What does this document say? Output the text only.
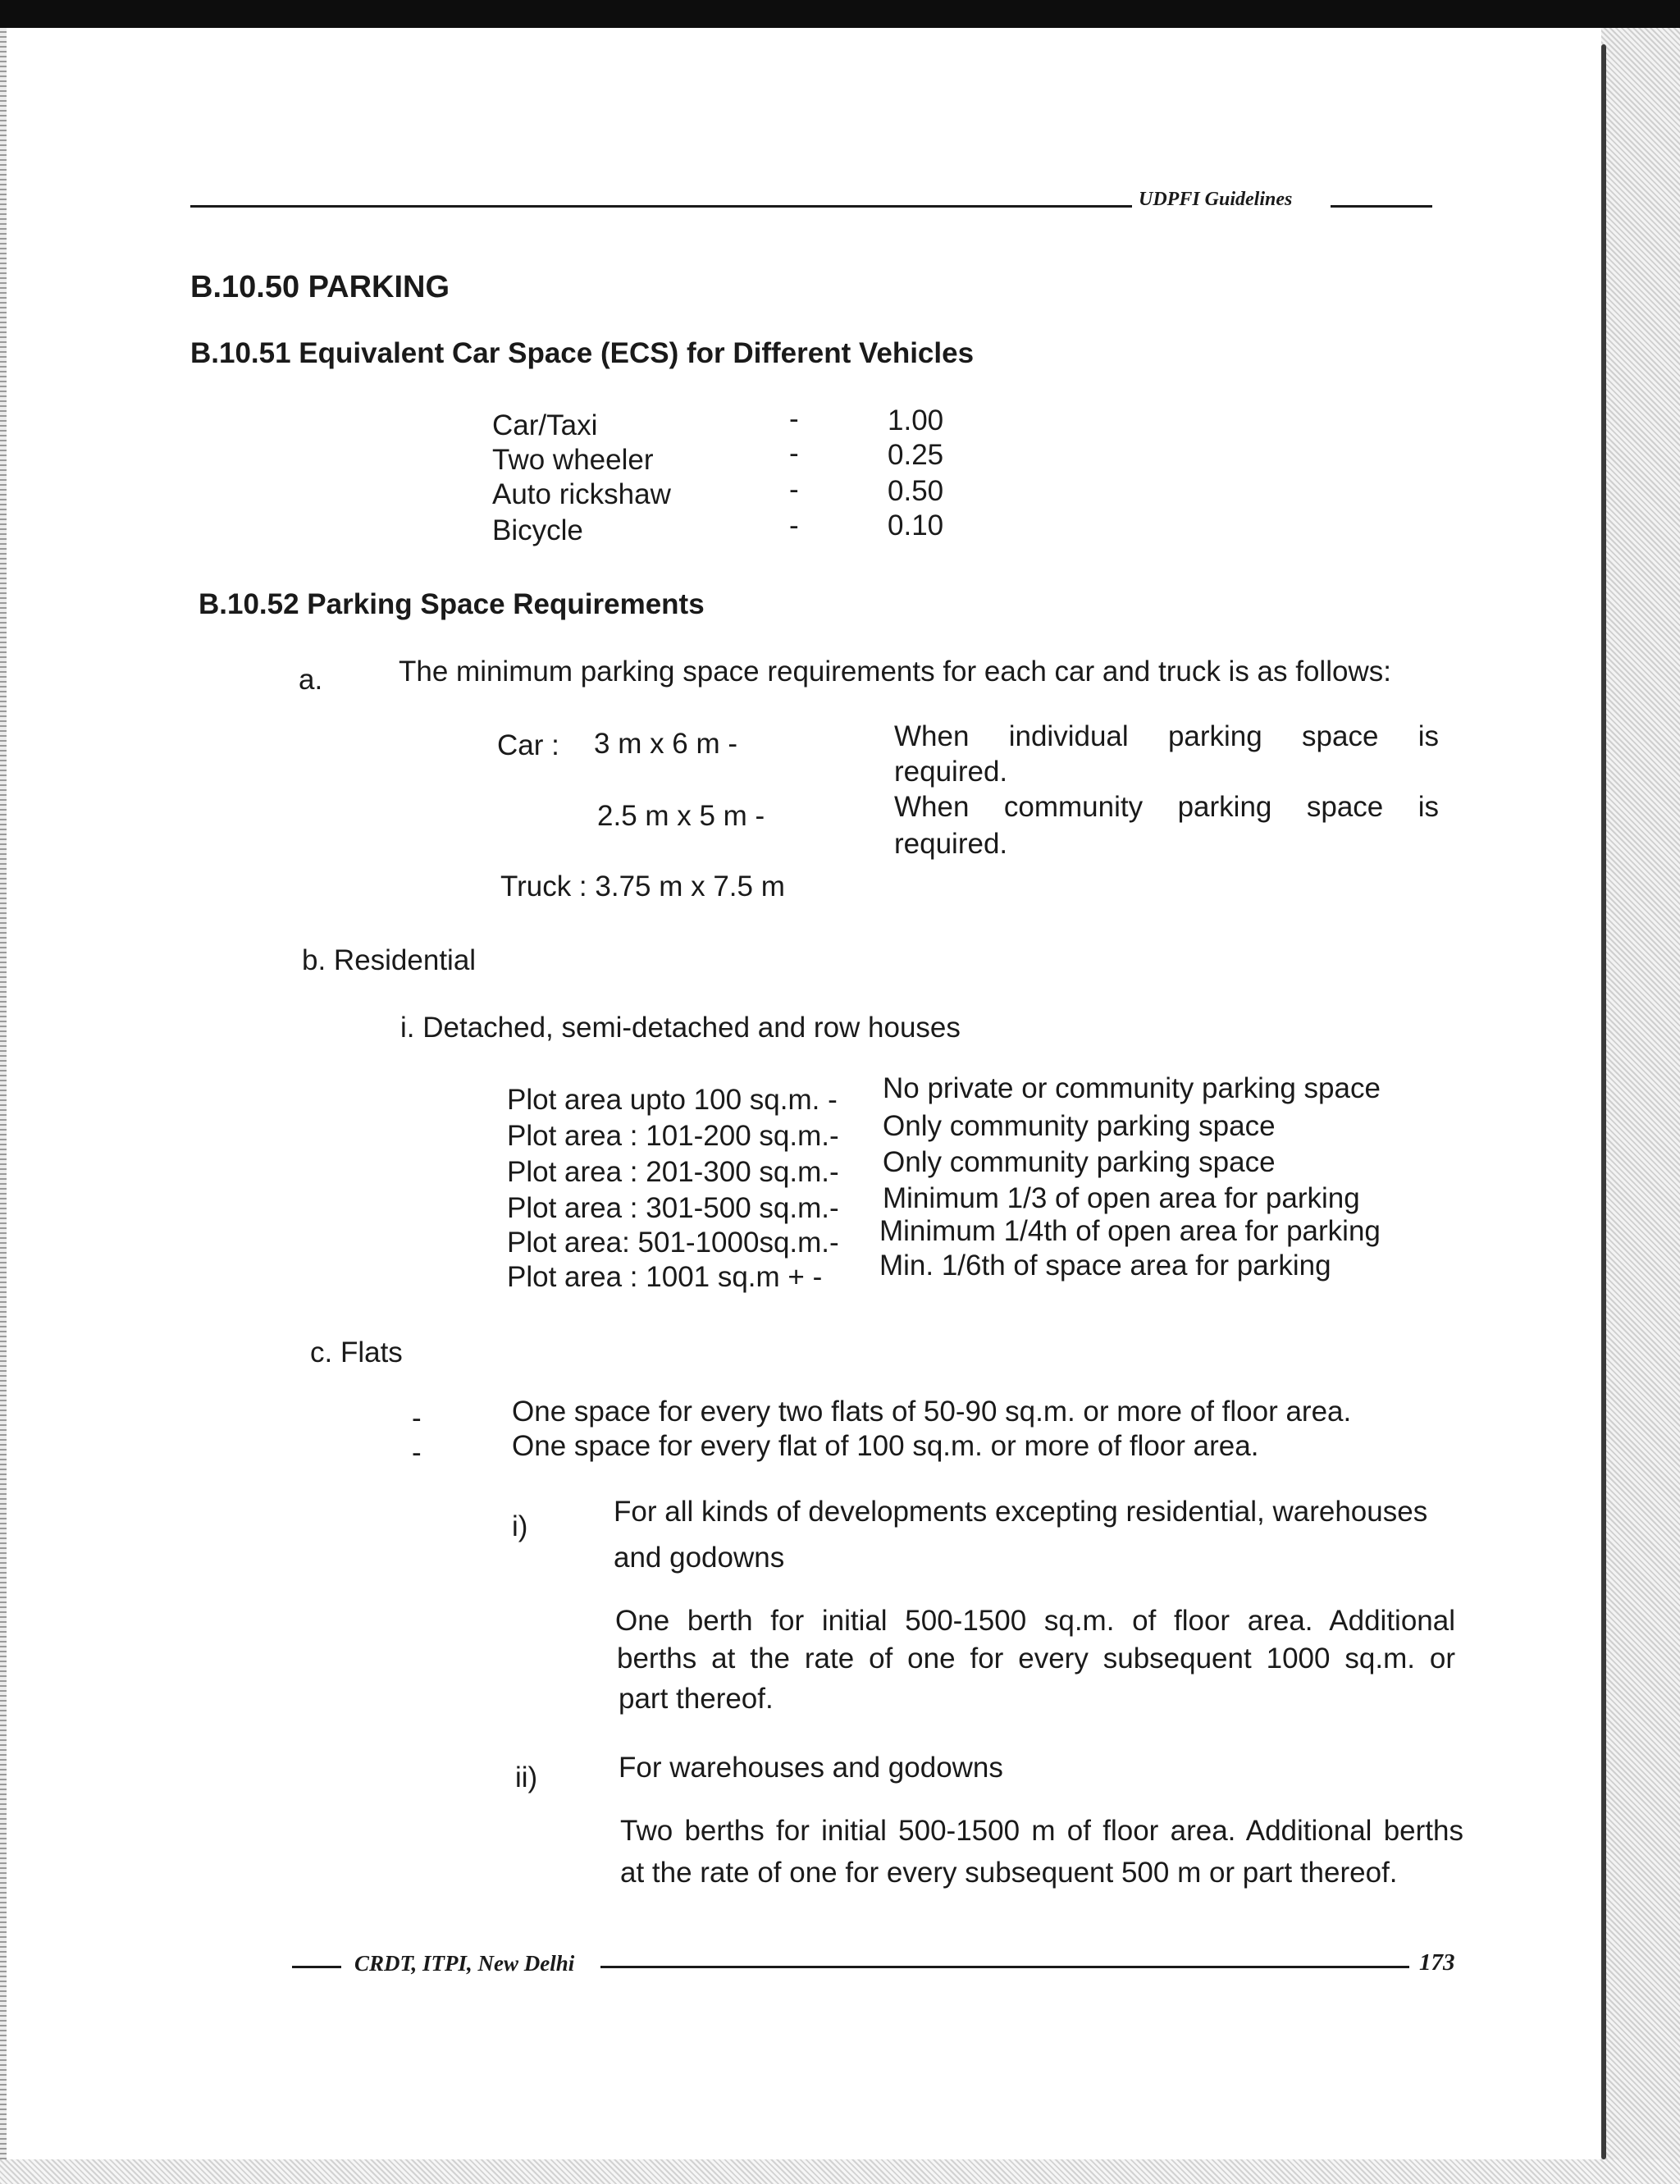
UDPFI Guidelines
B.10.50 PARKING
B.10.51 Equivalent Car Space (ECS) for Different Vehicles
Car/Taxi	-	1.00
Two wheeler	-	0.25
Auto rickshaw	-	0.50
Bicycle	-	0.10
B.10.52 Parking Space Requirements
a.	The minimum parking space requirements for each car and truck is as follows:
Car : 3 m x 6 m -	When individual parking space is
required.
2.5 m x 5 m -	When community parking space is
required.
Truck : 3.75 m x 7.5 m
b. Residential
i. Detached, semi-detached and row houses
Plot area upto 100 sq.m. - No private or community parking space
Plot area : 101-200 sq.m.- Only community parking space
Plot area : 201-300 sq.m.- Only community parking space
Plot area : 301-500 sq.m.- Minimum 1/3 of open area for parking
Plot area: 501-1000sq.m.- Minimum 1/4th of open area for parking
Plot area : 1001 sq.m + - Min. 1/6th of space area for parking
c. Flats
-	One space for every two flats of 50-90 sq.m. or more of floor area.
-	One space for every flat of 100 sq.m. or more of floor area.
i)	For all kinds of developments excepting residential, warehouses
and godowns
One berth for initial 500-1500 sq.m. of floor area. Additional
berths at the rate of one for every subsequent 1000 sq.m. or
part thereof.
ii)	For warehouses and godowns
Two berths for initial 500-1500 m of floor area. Additional berths
at the rate of one for every subsequent 500 m or part thereof.
CRDT, ITPI, New Delhi	173
